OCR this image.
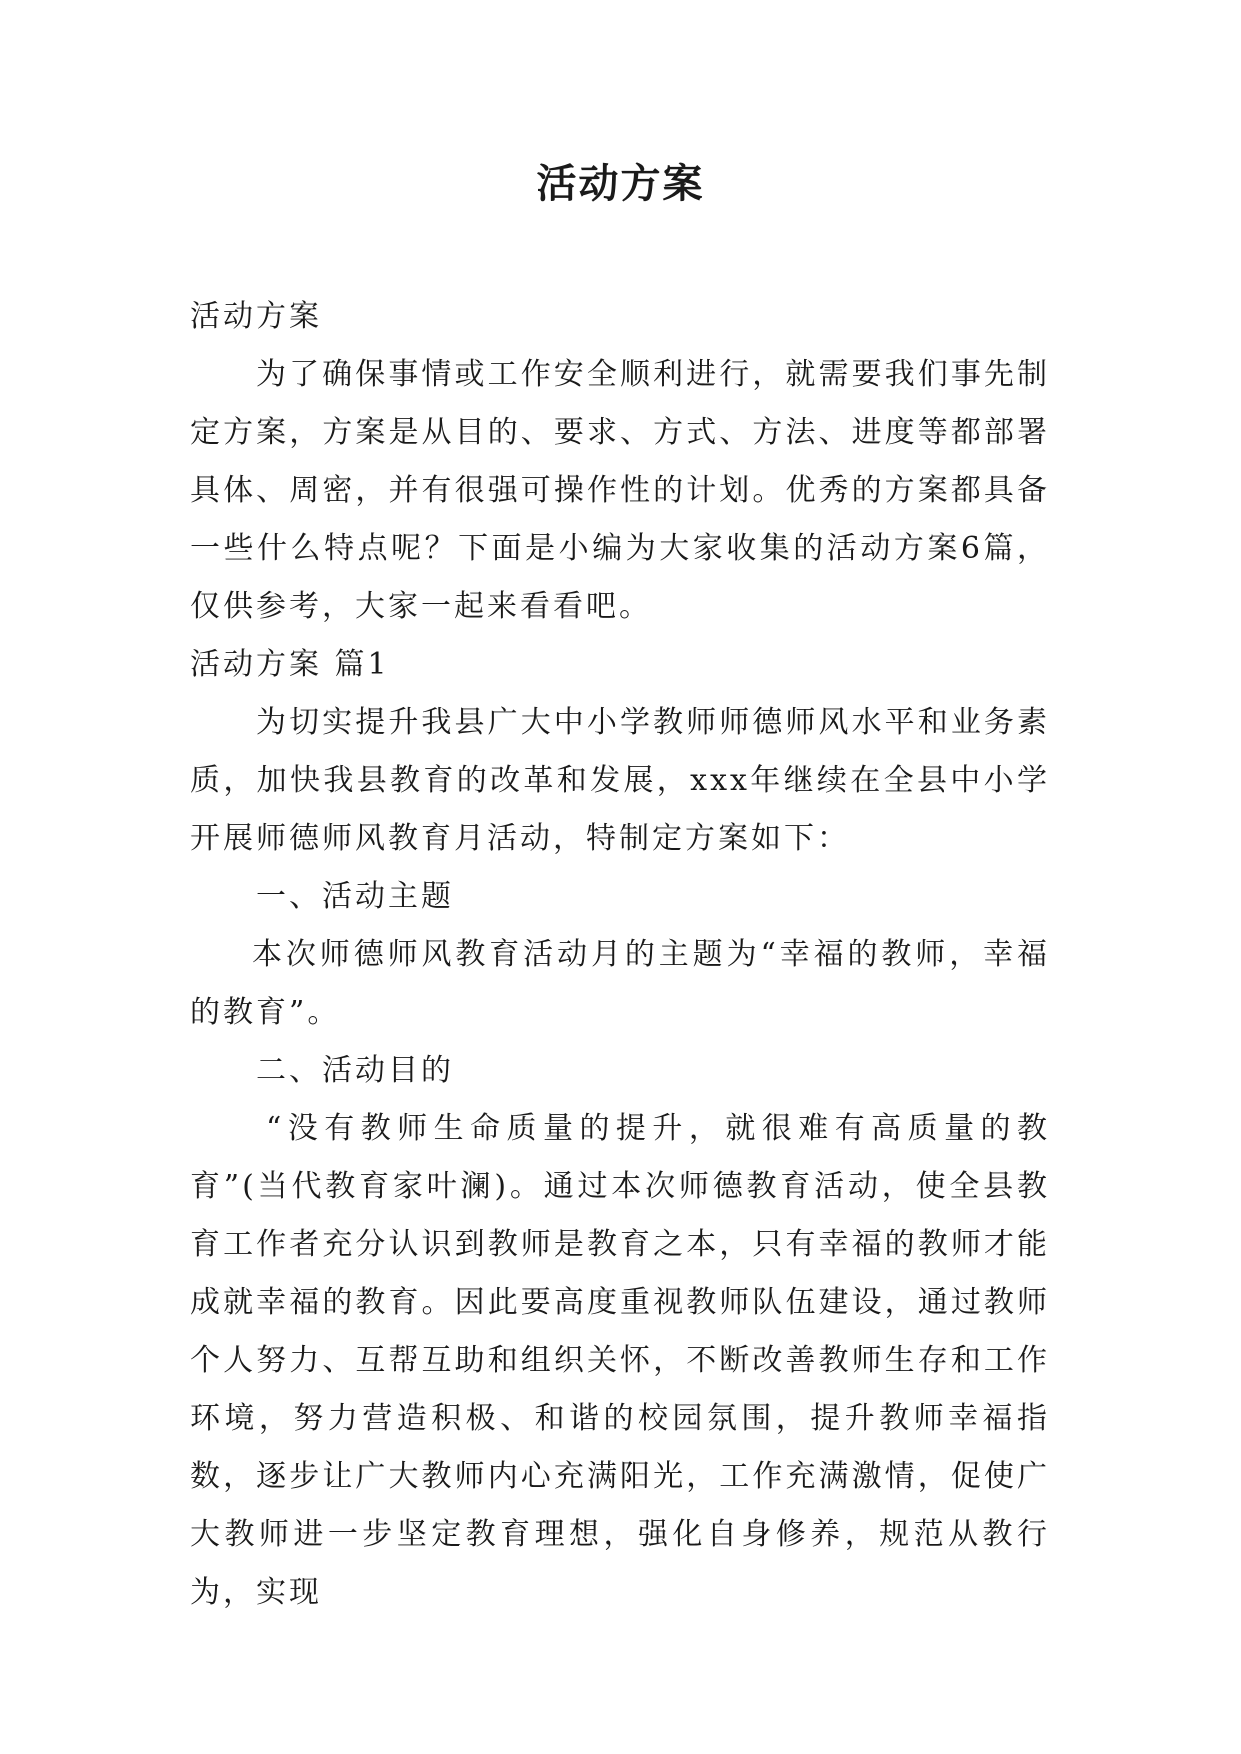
活动方案

活动方案

为了确保事情或工作安全顺利进行，就需要我们事先制定方案，方案是从目的、要求、方式、方法、进度等都部署具体、周密，并有很强可操作性的计划。优秀的方案都具备一些什么特点呢？下面是小编为大家收集的活动方案6篇，仅供参考，大家一起来看看吧。

活动方案 篇1

为切实提升我县广大中小学教师师德师风水平和业务素质，加快我县教育的改革和发展，xxx年继续在全县中小学开展师德师风教育月活动，特制定方案如下：

一、活动主题

本次师德师风教育活动月的主题为“幸福的教师，幸福的教育”。

二、活动目的

“没有教师生命质量的提升，就很难有高质量的教育”(当代教育家叶澜)。通过本次师德教育活动，使全县教育工作者充分认识到教师是教育之本，只有幸福的教师才能成就幸福的教育。因此要高度重视教师队伍建设，通过教师个人努力、互帮互助和组织关怀，不断改善教师生存和工作环境，努力营造积极、和谐的校园氛围，提升教师幸福指数，逐步让广大教师内心充满阳光，工作充满激情，促使广大教师进一步坚定教育理想，强化自身修养，规范从教行为，实现
